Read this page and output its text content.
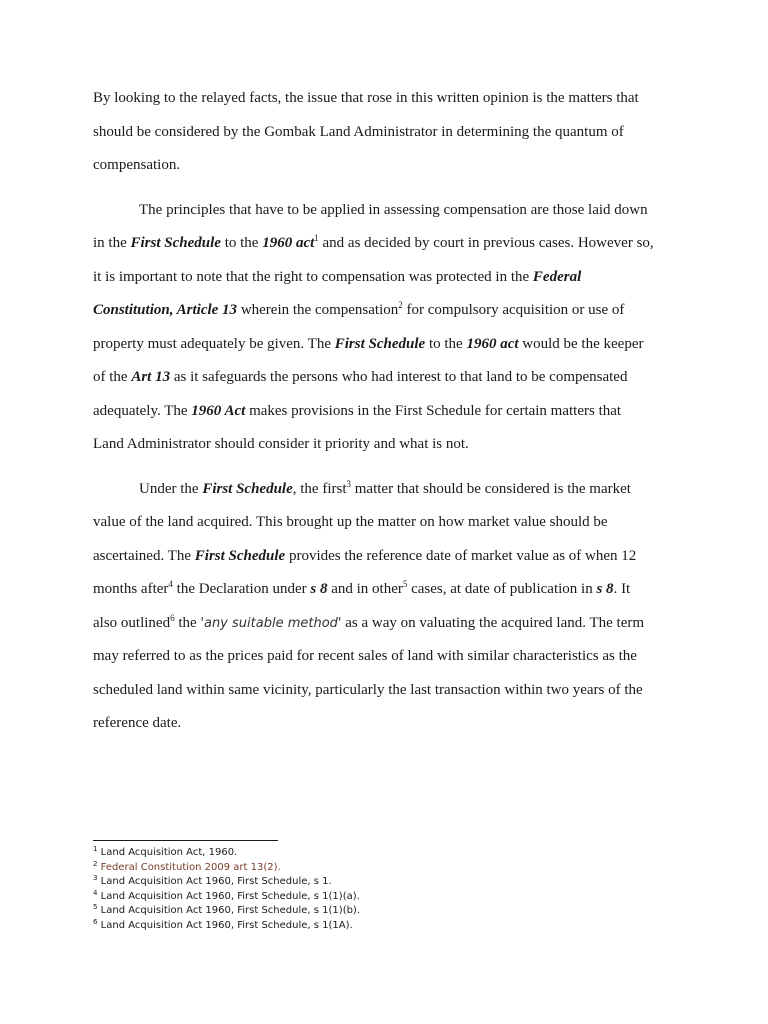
By looking to the relayed facts, the issue that rose in this written opinion is the matters that
should be considered by the Gombak Land Administrator in determining the quantum of
compensation.

The principles that have to be applied in assessing compensation are those laid down
in the First Schedule to the 1960 act$^1$ and as decided by court in previous cases. However so,
it is important to note that the right to compensation was protected in the Federal
Constitution, Article 13 wherein the compensation$^2$ for compulsory acquisition or use of
property must adequately be given. The First Schedule to the 1960 act would be the keeper
of the Art 13 as it safeguards the persons who had interest to that land to be compensated
adequately. The 1960 Act makes provisions in the First Schedule for certain matters that
Land Administrator should consider it priority and what is not.

Under the First Schedule, the first$^3$ matter that should be considered is the market
value of the land acquired. This brought up the matter on how market value should be
ascertained. The First Schedule provides the reference date of market value as of when 12
months after$^4$ the Declaration under s 8 and in other$^5$ cases, at date of publication in s 8. It
also outlined$^6$ the 'any suitable method' as a way on valuating the acquired land. The term
may referred to as the prices paid for recent sales of land with similar characteristics as the
scheduled land within same vicinity, particularly the last transaction within two years of the
reference date.

$^1$ Land Acquisition Act, 1960.
$^2$ Federal Constitution 2009 art 13(2).
$^3$ Land Acquisition Act 1960, First Schedule, s 1.
$^4$ Land Acquisition Act 1960, First Schedule, s 1(1)(a).
$^5$ Land Acquisition Act 1960, First Schedule, s 1(1)(b).
$^6$ Land Acquisition Act 1960, First Schedule, s 1(1A).
